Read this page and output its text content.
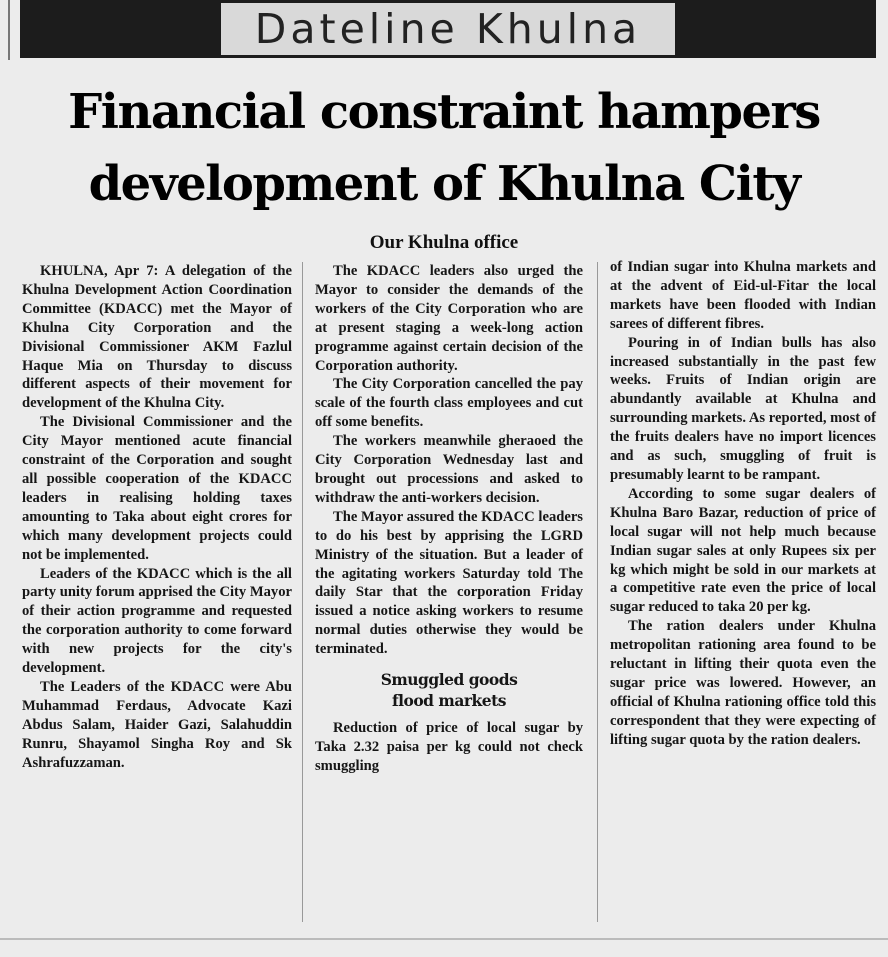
Dateline Khulna
Financial constraint hampers
development of Khulna City
Our Khulna office

KHULNA, Apr 7: A delegation of the Khulna Development Action Coordination Committee (KDACC) met the Mayor of Khulna City Corporation and the Divisional Commissioner AKM Fazlul Haque Mia on Thursday to discuss different aspects of their movement for development of the Khulna City.

The Divisional Commissioner and the City Mayor mentioned acute financial constraint of the Corporation and sought all possible cooperation of the KDACC leaders in realising holding taxes amounting to Taka about eight crores for which many development projects could not be implemented.

Leaders of the KDACC which is the all party unity forum apprised the City Mayor of their action programme and requested the corporation authority to come forward with new projects for the city's development.

The Leaders of the KDACC were Abu Muhammad Ferdaus, Advocate Kazi Abdus Salam, Haider Gazi, Salahuddin Runru, Shayamol Singha Roy and Sk Ashrafuzzaman.

The KDACC leaders also urged the Mayor to consider the demands of the workers of the City Corporation who are at present staging a week-long action programme against certain decision of the Corporation authority.

The City Corporation cancelled the pay scale of the fourth class employees and cut off some benefits.

The workers meanwhile gheraoed the City Corporation Wednesday last and brought out processions and asked to withdraw the anti-workers decision.

The Mayor assured the KDACC leaders to do his best by apprising the LGRD Ministry of the situation. But a leader of the agitating workers Saturday told The daily Star that the corporation Friday issued a notice asking workers to resume normal duties otherwise they would be terminated.

Smuggled goods
flood markets

Reduction of price of local sugar by Taka 2.32 paisa per kg could not check smuggling

of Indian sugar into Khulna markets and at the advent of Eid-ul-Fitar the local markets have been flooded with Indian sarees of different fibres.

Pouring in of Indian bulls has also increased substantially in the past few weeks. Fruits of Indian origin are abundantly available at Khulna and surrounding markets. As reported, most of the fruits dealers have no import licences and as such, smuggling of fruit is presumably learnt to be rampant.

According to some sugar dealers of Khulna Baro Bazar, reduction of price of local sugar will not help much because Indian sugar sales at only Rupees six per kg which might be sold in our markets at a competitive rate even the price of local sugar reduced to taka 20 per kg.

The ration dealers under Khulna metropolitan rationing area found to be reluctant in lifting their quota even the sugar price was lowered. However, an official of Khulna rationing office told this correspondent that they were expecting of lifting sugar quota by the ration dealers.
